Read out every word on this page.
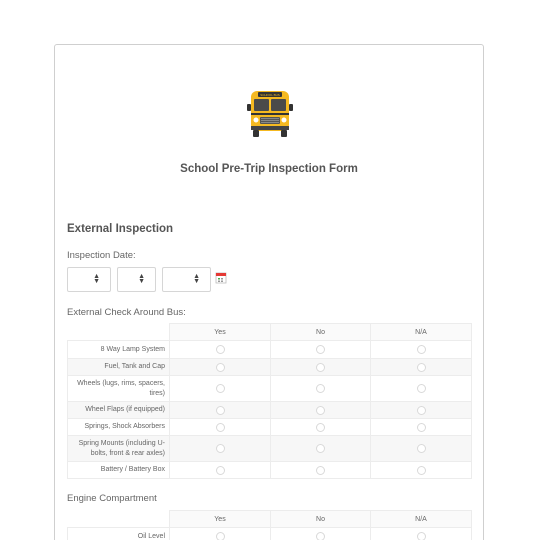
SCHOOL BUS
School Pre-Trip Inspection Form
External Inspection
Inspection Date:
▲
▼
▲
▼
▲
▼
External Check Around Bus:
	Yes	No	N/A
8 Way Lamp System			
Fuel, Tank and Cap			
Wheels (lugs, rims, spacers, tires)			
Wheel Flaps (if equipped)			
Springs, Shock Absorbers			
Spring Mounts (including U-bolts, front & rear axles)			
Battery / Battery Box			
Engine Compartment
	Yes	No	N/A
Oil Level			
